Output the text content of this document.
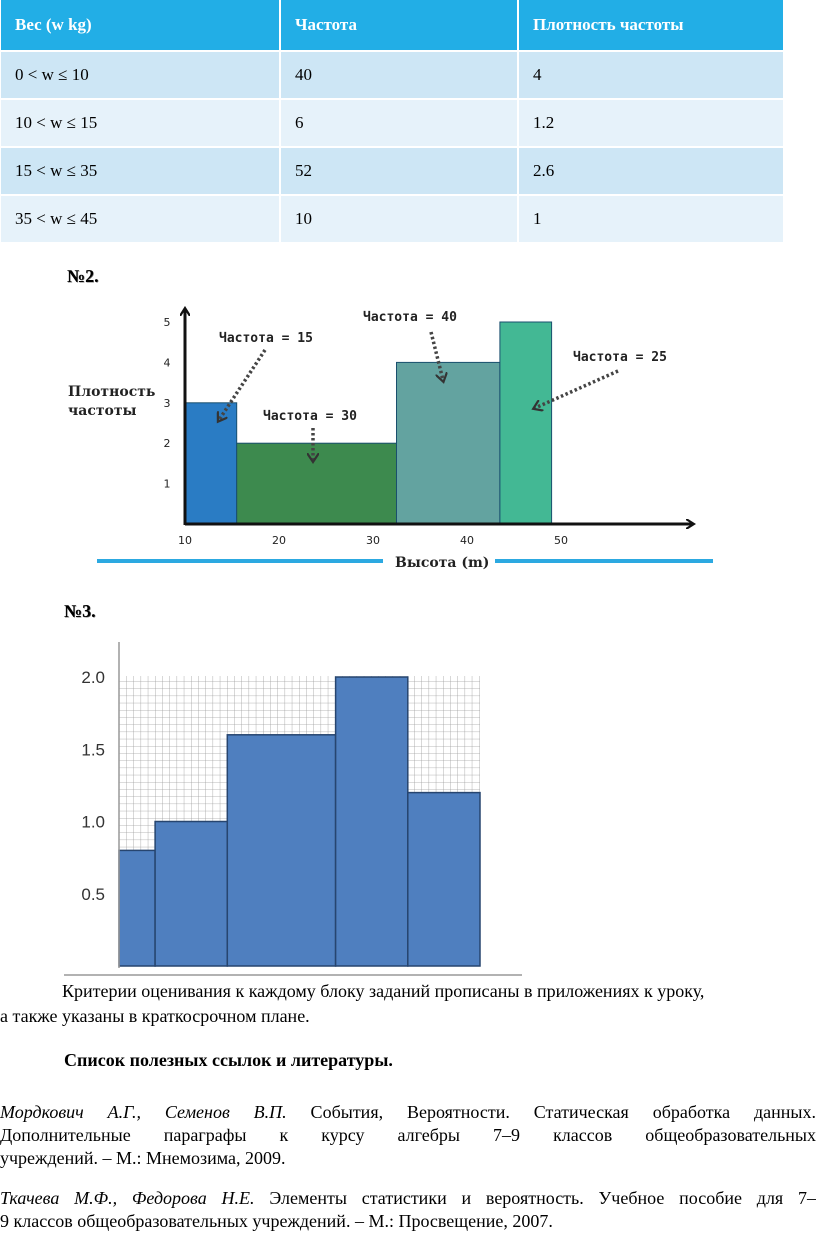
Вес (w kg)	Частота	Плотность частоты
0 < w ≤ 10	40	4
10 < w ≤ 15	6	1.2
15 < w ≤ 35	52	2.6
35 < w ≤ 45	10	1
№2.
1
2
3
4
5
10	20	30	40	50
Плотность
частоты
Высота (m)
Частота = 15
Частота = 30
Частота = 40
Частота = 25
№3.
0.5
1.0
1.5
2.0
Критерии оценивания к каждому блоку заданий прописаны в приложениях к уроку,
а также указаны в краткосрочном плане.
Список полезных ссылок и литературы.
Мордкович А.Г., Семенов В.П. События, Вероятности. Статическая обработка данных.
Дополнительные параграфы к курсу алгебры 7–9 классов общеобразовательных
учреждений. – М.: Мнемозима, 2009.
Ткачева М.Ф., Федорова Н.Е. Элементы статистики и вероятность. Учебное пособие для 7–
9 классов общеобразовательных учреждений. – М.: Просвещение, 2007.
